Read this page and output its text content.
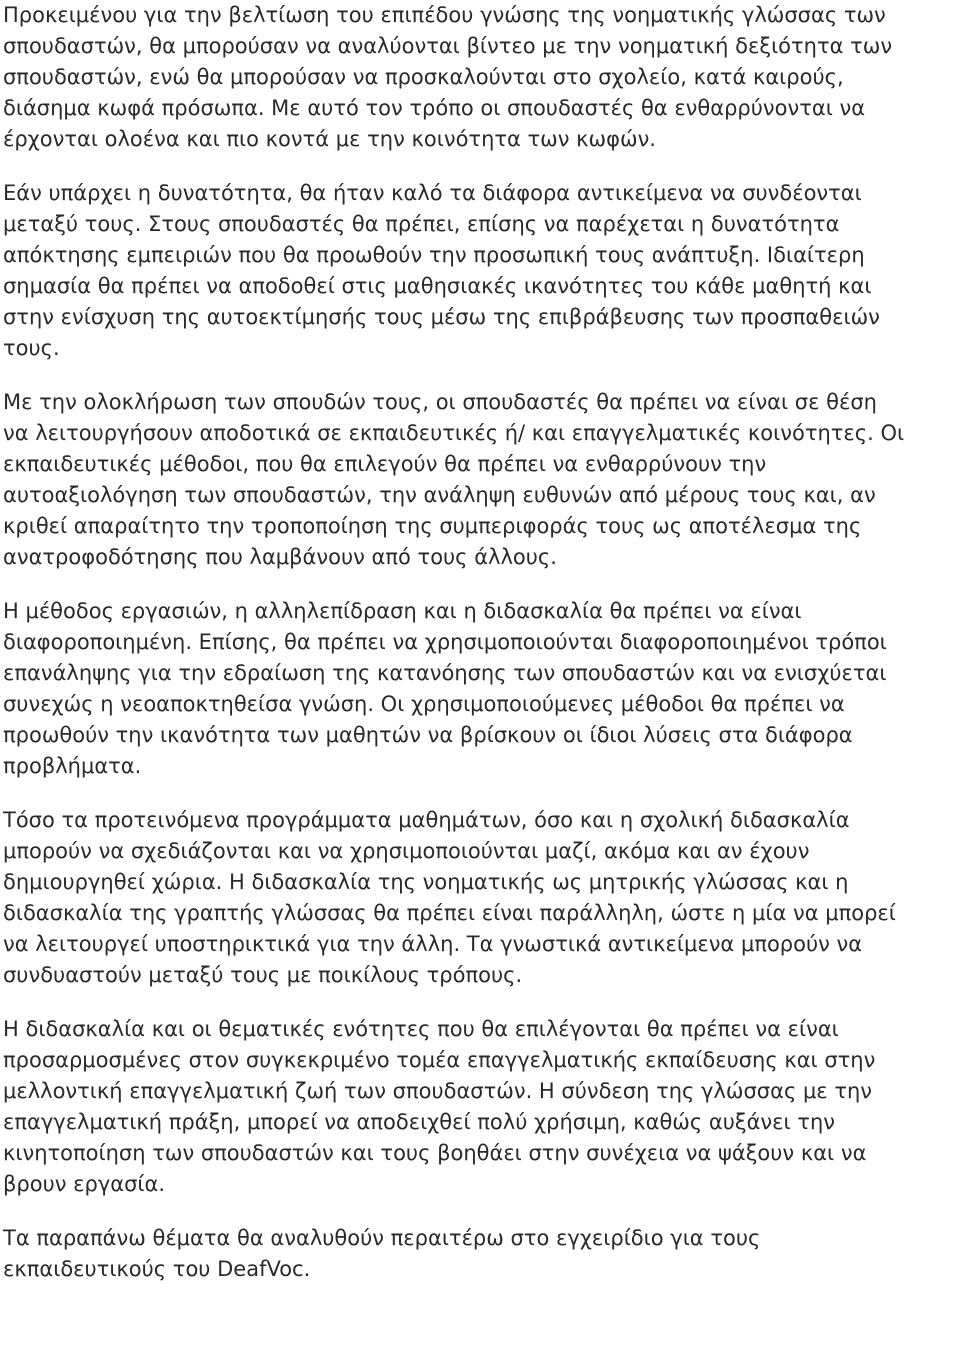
Προκειμένου για την βελτίωση του επιπέδου γνώσης της νοηματικής γλώσσας των
σπουδαστών, θα μπορούσαν να αναλύονται βίντεο με την νοηματική δεξιότητα των
σπουδαστών, ενώ θα μπορούσαν να προσκαλούνται στο σχολείο, κατά καιρούς,
διάσημα κωφά πρόσωπα. Με αυτό τον τρόπο οι σπουδαστές θα ενθαρρύνονται να
έρχονται ολοένα και πιο κοντά με την κοινότητα των κωφών.

Εάν υπάρχει η δυνατότητα, θα ήταν καλό τα διάφορα αντικείμενα να συνδέονται
μεταξύ τους. Στους σπουδαστές θα πρέπει, επίσης να παρέχεται η δυνατότητα
απόκτησης εμπειριών που θα προωθούν την προσωπική τους ανάπτυξη. Ιδιαίτερη
σημασία θα πρέπει να αποδοθεί στις μαθησιακές ικανότητες του κάθε μαθητή και
στην ενίσχυση της αυτοεκτίμησής τους μέσω της επιβράβευσης των προσπαθειών
τους.

Με την ολοκλήρωση των σπουδών τους, οι σπουδαστές θα πρέπει να είναι σε θέση
να λειτουργήσουν αποδοτικά σε εκπαιδευτικές ή/ και επαγγελματικές κοινότητες. Οι
εκπαιδευτικές μέθοδοι, που θα επιλεγούν θα πρέπει να ενθαρρύνουν την
αυτοαξιολόγηση των σπουδαστών, την ανάληψη ευθυνών από μέρους τους και, αν
κριθεί απαραίτητο την τροποποίηση της συμπεριφοράς τους ως αποτέλεσμα της
ανατροφοδότησης που λαμβάνουν από τους άλλους.

Η μέθοδος εργασιών, η αλληλεπίδραση και η διδασκαλία θα πρέπει να είναι
διαφοροποιημένη. Επίσης, θα πρέπει να χρησιμοποιούνται διαφοροποιημένοι τρόποι
επανάληψης για την εδραίωση της κατανόησης των σπουδαστών και να ενισχύεται
συνεχώς η νεοαποκτηθείσα γνώση. Οι χρησιμοποιούμενες μέθοδοι θα πρέπει να
προωθούν την ικανότητα των μαθητών να βρίσκουν οι ίδιοι λύσεις στα διάφορα
προβλήματα.

Τόσο τα προτεινόμενα προγράμματα μαθημάτων, όσο και η σχολική διδασκαλία
μπορούν να σχεδιάζονται και να χρησιμοποιούνται μαζί, ακόμα και αν έχουν
δημιουργηθεί χώρια. Η διδασκαλία της νοηματικής ως μητρικής γλώσσας και η
διδασκαλία της γραπτής γλώσσας θα πρέπει είναι παράλληλη, ώστε η μία να μπορεί
να λειτουργεί υποστηρικτικά για την άλλη. Τα γνωστικά αντικείμενα μπορούν να
συνδυαστούν μεταξύ τους με ποικίλους τρόπους.

Η διδασκαλία και οι θεματικές ενότητες που θα επιλέγονται θα πρέπει να είναι
προσαρμοσμένες στον συγκεκριμένο τομέα επαγγελματικής εκπαίδευσης και στην
μελλοντική επαγγελματική ζωή των σπουδαστών. Η σύνδεση της γλώσσας με την
επαγγελματική πράξη, μπορεί να αποδειχθεί πολύ χρήσιμη, καθώς αυξάνει την
κινητοποίηση των σπουδαστών και τους βοηθάει στην συνέχεια να ψάξουν και να
βρουν εργασία.

Τα παραπάνω θέματα θα αναλυθούν περαιτέρω στο εγχειρίδιο για τους
εκπαιδευτικούς του DeafVoc.
